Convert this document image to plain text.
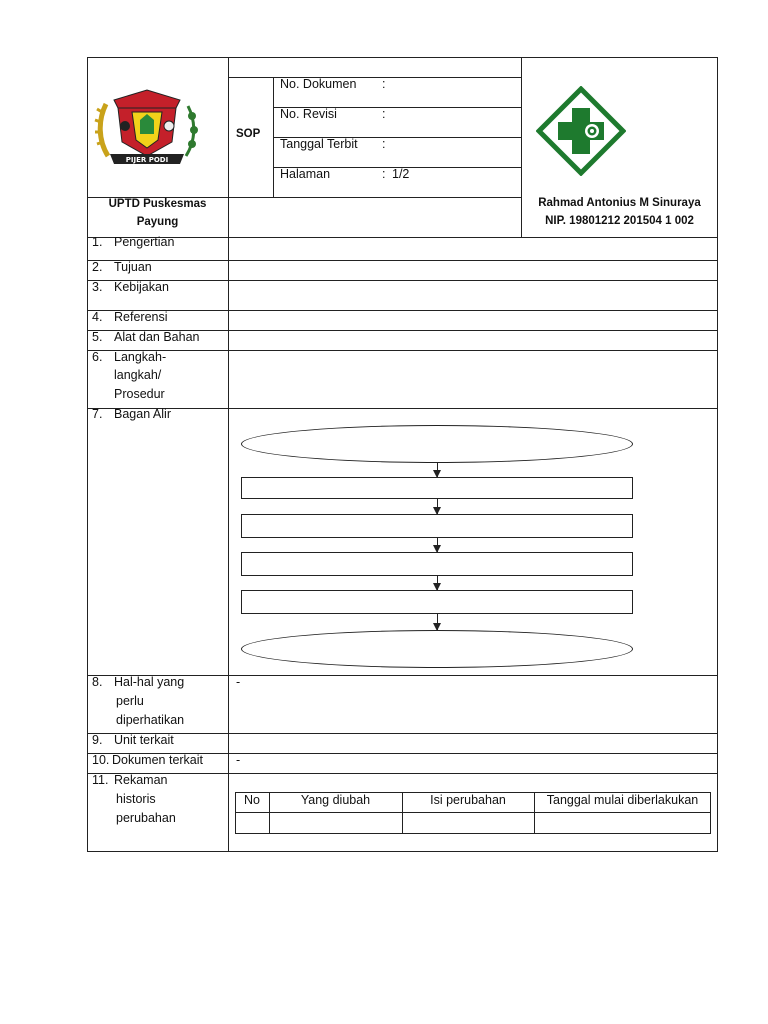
PIJER PODI
SOP
No. Dokumen :
No. Revisi	:
Tanggal Terbit :
Halaman	: 1/2
UPTD Puskesmas
Payung
Rahmad Antonius M Sinuraya
NIP. 19801212 201504 1 002
1. Pengertian
2. Tujuan
3. Kebijakan
4. Referensi
5. Alat dan Bahan
6. Langkah-
langkah/
Prosedur
7. Bagan Alir
8. Hal-hal yang
perlu
diperhatikan
-
9. Unit terkait
10. Dokumen terkait	-
11. Rekaman
historis
perubahan
No	Yang diubah	Isi perubahan	Tanggal mulai diberlakukan
